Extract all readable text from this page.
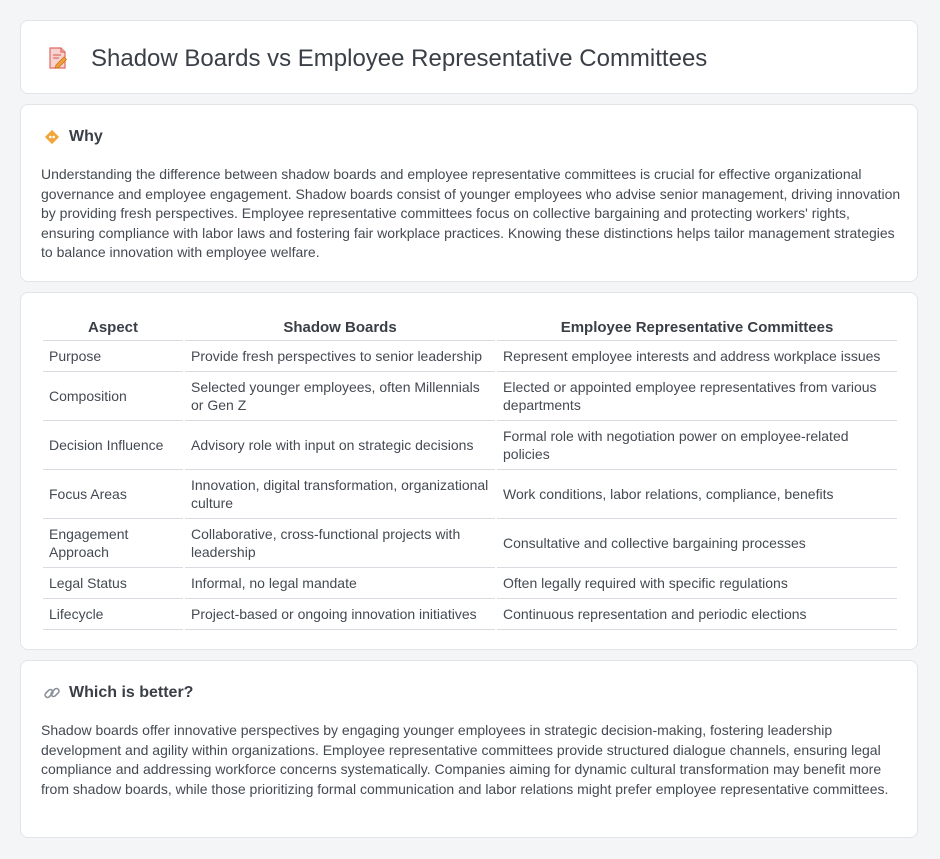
Shadow Boards vs Employee Representative Committees
Why

Understanding the difference between shadow boards and employee representative committees is crucial for effective organizational governance and employee engagement. Shadow boards consist of younger employees who advise senior management, driving innovation by providing fresh perspectives. Employee representative committees focus on collective bargaining and protecting workers' rights, ensuring compliance with labor laws and fostering fair workplace practices. Knowing these distinctions helps tailor management strategies to balance innovation with employee welfare.

Aspect	Shadow Boards	Employee Representative Committees
Purpose	Provide fresh perspectives to senior leadership	Represent employee interests and address workplace issues
Composition	Selected younger employees, often Millennials or Gen Z	Elected or appointed employee representatives from various departments
Decision Influence	Advisory role with input on strategic decisions	Formal role with negotiation power on employee-related policies
Focus Areas	Innovation, digital transformation, organizational culture	Work conditions, labor relations, compliance, benefits
Engagement Approach	Collaborative, cross-functional projects with leadership	Consultative and collective bargaining processes
Legal Status	Informal, no legal mandate	Often legally required with specific regulations
Lifecycle	Project-based or ongoing innovation initiatives	Continuous representation and periodic elections
Which is better?

Shadow boards offer innovative perspectives by engaging younger employees in strategic decision-making, fostering leadership development and agility within organizations. Employee representative committees provide structured dialogue channels, ensuring legal compliance and addressing workforce concerns systematically. Companies aiming for dynamic cultural transformation may benefit more from shadow boards, while those prioritizing formal communication and labor relations might prefer employee representative committees.
